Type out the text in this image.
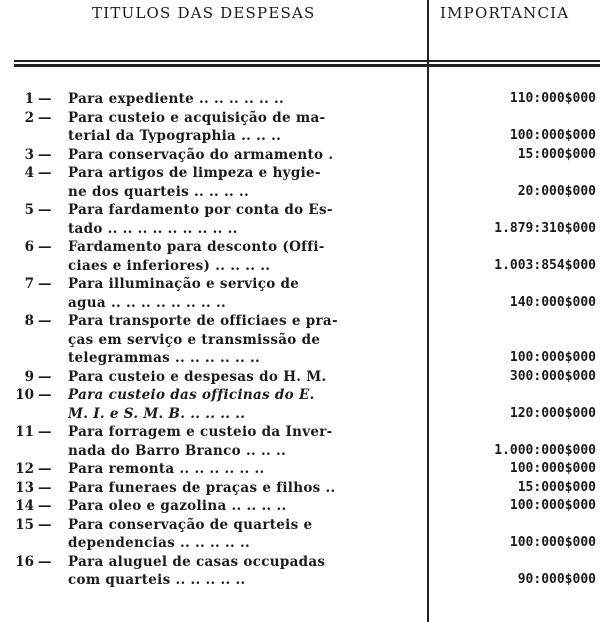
TITULOS DAS DESPESAS	IMPORTANCIA
1 — Para expediente .. .. .. .. .. ..	110:000$000
2 — Para custeio e acquisição de ma-
terial da Typographia .. .. ..	100:000$000
3 — Para conservação do armamento .	15:000$000
4 — Para artigos de limpeza e hygie-
ne dos quarteis .. .. .. ..	20:000$000
5 — Para fardamento por conta do Es-
tado .. .. .. .. .. .. .. .. ..	1.879:310$000
6 — Fardamento para desconto (Offi-
ciaes e inferiores) .. .. .. ..	1.003:854$000
7 — Para illuminação e serviço de
agua .. .. .. .. .. .. .. ..	140:000$000
8 — Para transporte de officiaes e pra-
ças em serviço e transmissão de
telegrammas .. .. .. .. .. ..	100:000$000
9 — Para custeio e despesas do H. M.	300:000$000
10 — Para custeio das officinas do E.
M. I. e S. M. B. .. .. .. ..	120:000$000
11 — Para forragem e custeio da Inver-
nada do Barro Branco .. .. ..	1.000:000$000
12 — Para remonta .. .. .. .. .. ..	100:000$000
13 — Para funeraes de praças e filhos ..	15:000$000
14 — Para oleo e gazolina .. .. .. ..	100:000$000
15 — Para conservação de quarteis e
dependencias .. .. .. .. ..	100:000$000
16 — Para aluguel de casas occupadas
com quarteis .. .. .. .. ..	90:000$000
